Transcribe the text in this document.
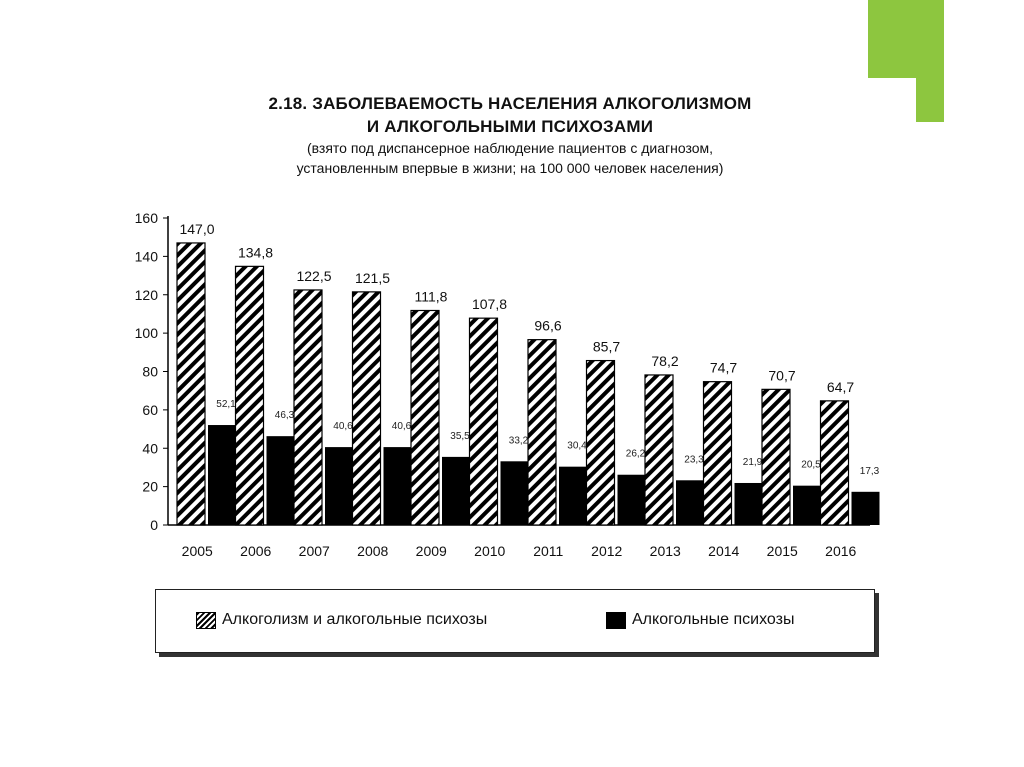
2.18. ЗАБОЛЕВАЕМОСТЬ НАСЕЛЕНИЯ АЛКОГОЛИЗМОМ
И АЛКОГОЛЬНЫМИ ПСИХОЗАМИ
(взято под диспансерное наблюдение пациентов с диагнозом,
установленным впервые в жизни; на 100 000 человек населения)
0
20
40
60
80
100
120
140
160
2005 2006 2007 2008 2009 2010 2011 2012 2013 2014 2015 2016
147,0
52,1
134,8
46,3
122,5
40,6
121,5
40,6
111,8
35,5
107,8
33,2
96,6
30,4
85,7
26,2
78,2
23,3
74,7
21,9
70,7
20,5
64,7
17,3
Алкоголизм и алкогольные психозы	Алкогольные психозы
